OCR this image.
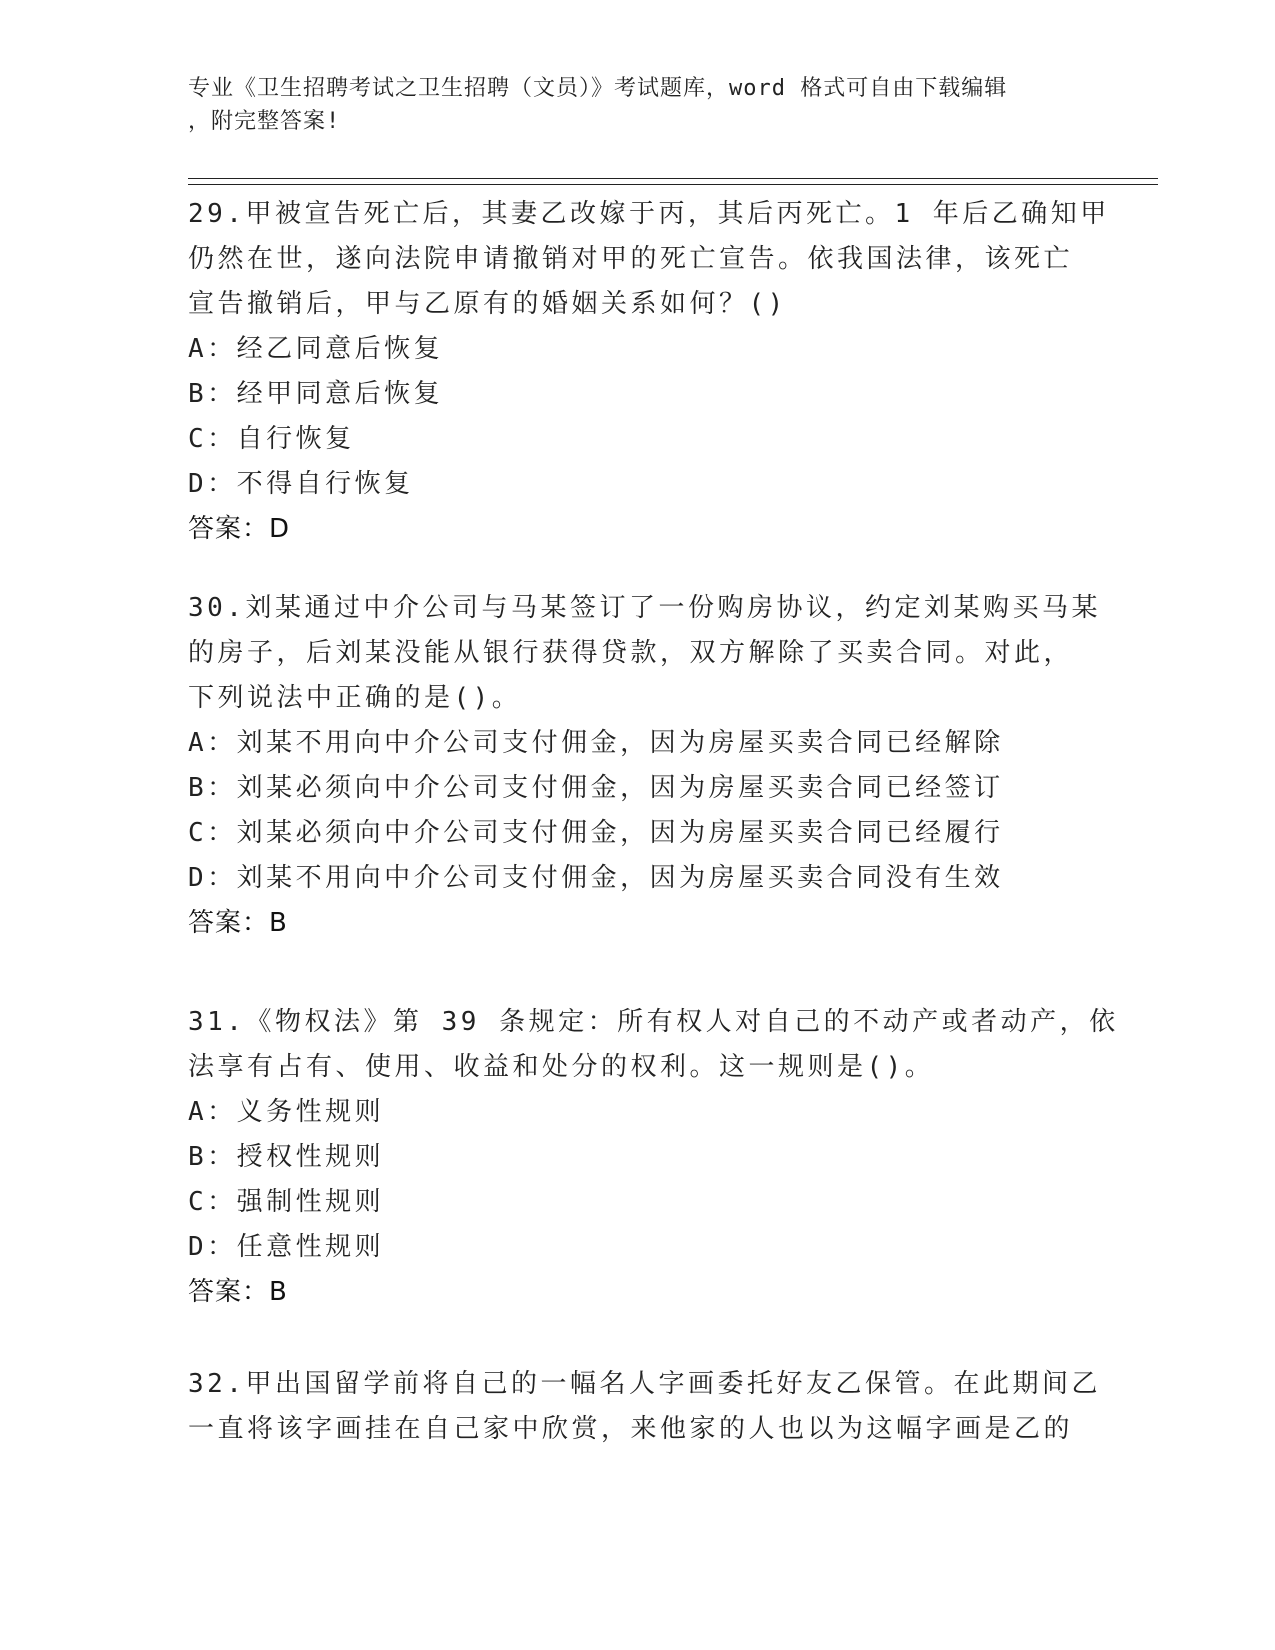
专业《卫生招聘考试之卫生招聘（文员）》考试题库，word 格式可自由下载编辑
，附完整答案!
29.甲被宣告死亡后，其妻乙改嫁于丙，其后丙死亡。1 年后乙确知甲
仍然在世，遂向法院申请撤销对甲的死亡宣告。依我国法律，该死亡
宣告撤销后，甲与乙原有的婚姻关系如何？()
A：经乙同意后恢复
B：经甲同意后恢复
C：自行恢复
D：不得自行恢复
答案：D
30.刘某通过中介公司与马某签订了一份购房协议，约定刘某购买马某
的房子，后刘某没能从银行获得贷款，双方解除了买卖合同。对此，
下列说法中正确的是()。
A：刘某不用向中介公司支付佣金，因为房屋买卖合同已经解除
B：刘某必须向中介公司支付佣金，因为房屋买卖合同已经签订
C：刘某必须向中介公司支付佣金，因为房屋买卖合同已经履行
D：刘某不用向中介公司支付佣金，因为房屋买卖合同没有生效
答案：B
31.《物权法》第 39 条规定：所有权人对自己的不动产或者动产，依
法享有占有、使用、收益和处分的权利。这一规则是()。
A：义务性规则
B：授权性规则
C：强制性规则
D：任意性规则
答案：B
32.甲出国留学前将自己的一幅名人字画委托好友乙保管。在此期间乙
一直将该字画挂在自己家中欣赏，来他家的人也以为这幅字画是乙的
